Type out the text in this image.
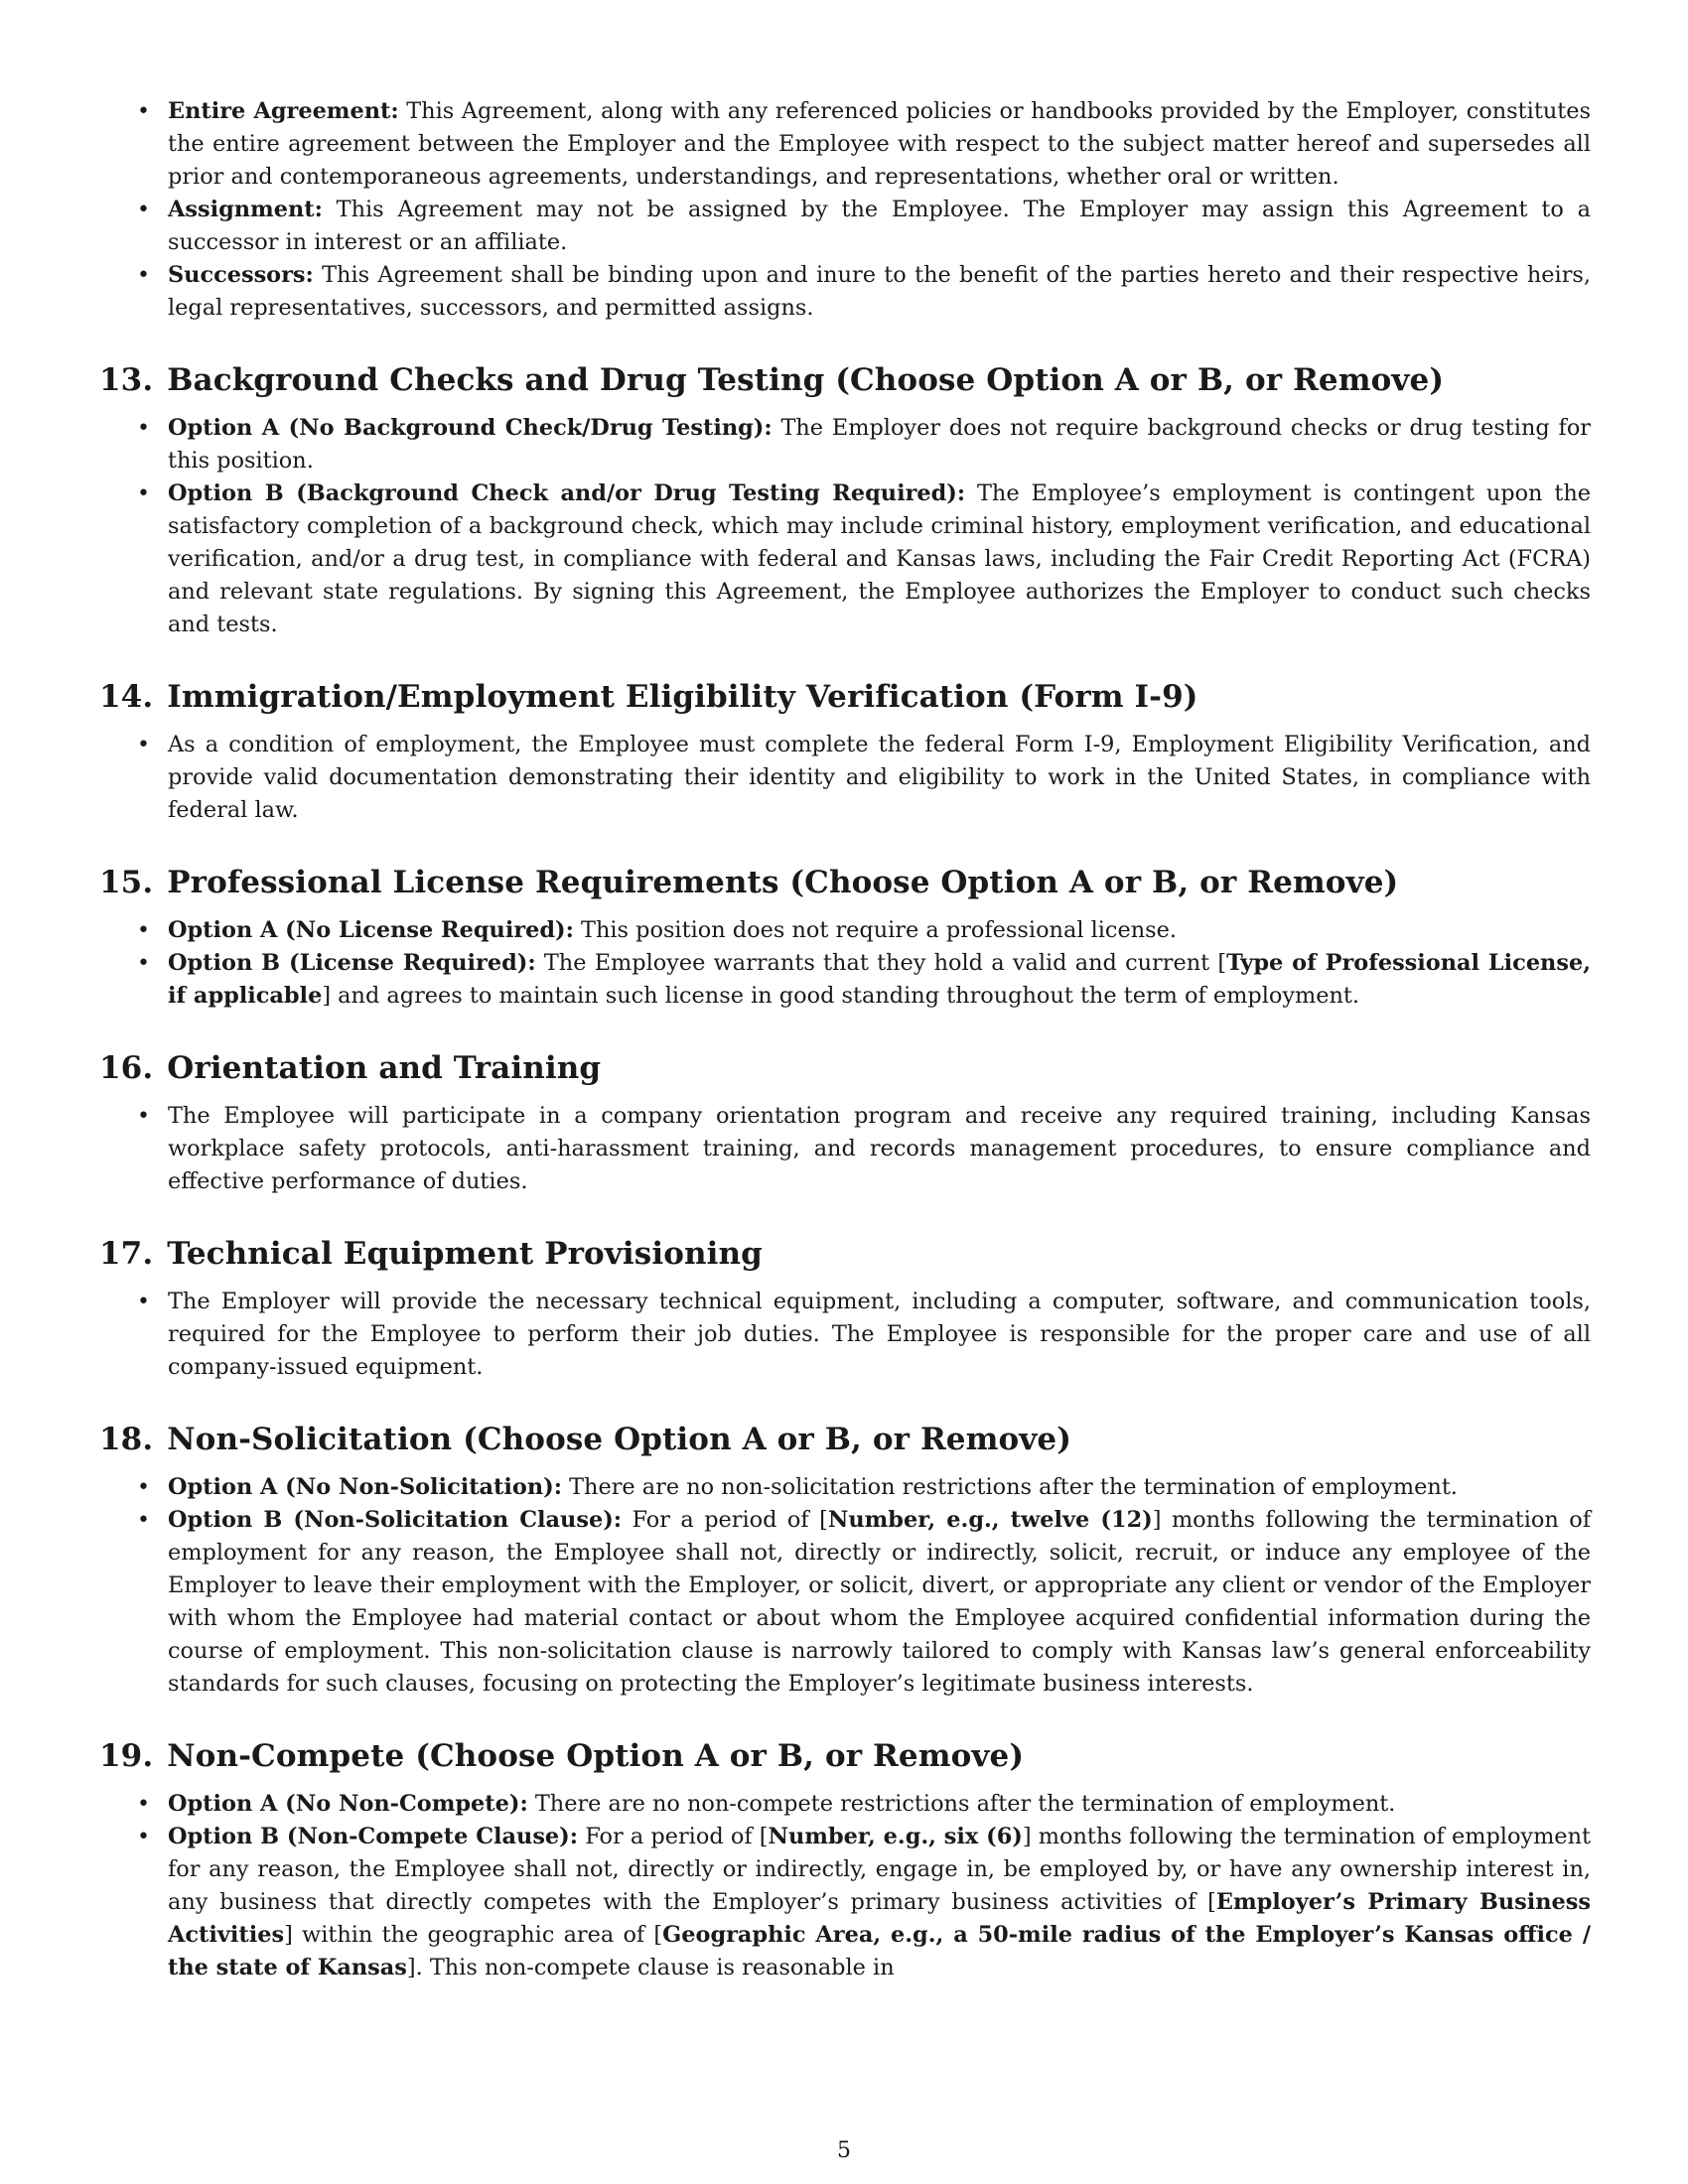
• Entire Agreement: This Agreement, along with any referenced policies or handbooks provided by the Employer, constitutes the entire agreement between the Employer and the Employee with respect to the subject matter hereof and supersedes all prior and contemporaneous agreements, understandings, and representations, whether oral or written.
• Assignment: This Agreement may not be assigned by the Employee. The Employer may assign this Agreement to a successor in interest or an affiliate.
• Successors: This Agreement shall be binding upon and inure to the benefit of the parties hereto and their respective heirs, legal representatives, successors, and permitted assigns.
13. Background Checks and Drug Testing (Choose Option A or B, or Remove)
• Option A (No Background Check/Drug Testing): The Employer does not require background checks or drug testing for this position.
• Option B (Background Check and/or Drug Testing Required): The Employee’s employment is contingent upon the satisfactory completion of a background check, which may include criminal history, employment verification, and educational verification, and/or a drug test, in compliance with federal and Kansas laws, including the Fair Credit Reporting Act (FCRA) and relevant state regulations. By signing this Agreement, the Employee authorizes the Employer to conduct such checks and tests.
14. Immigration/Employment Eligibility Verification (Form I-9)
• As a condition of employment, the Employee must complete the federal Form I-9, Employment Eligibility Verification, and provide valid documentation demonstrating their identity and eligibility to work in the United States, in compliance with federal law.
15. Professional License Requirements (Choose Option A or B, or Remove)
• Option A (No License Required): This position does not require a professional license.
• Option B (License Required): The Employee warrants that they hold a valid and current [Type of Professional License, if applicable] and agrees to maintain such license in good standing throughout the term of employment.
16. Orientation and Training
• The Employee will participate in a company orientation program and receive any required training, including Kansas workplace safety protocols, anti-harassment training, and records management procedures, to ensure compliance and effective performance of duties.
17. Technical Equipment Provisioning
• The Employer will provide the necessary technical equipment, including a computer, software, and communication tools, required for the Employee to perform their job duties. The Employee is responsible for the proper care and use of all company-issued equipment.
18. Non-Solicitation (Choose Option A or B, or Remove)
• Option A (No Non-Solicitation): There are no non-solicitation restrictions after the termination of employment.
• Option B (Non-Solicitation Clause): For a period of [Number, e.g., twelve (12)] months following the termination of employment for any reason, the Employee shall not, directly or indirectly, solicit, recruit, or induce any employee of the Employer to leave their employment with the Employer, or solicit, divert, or appropriate any client or vendor of the Employer with whom the Employee had material contact or about whom the Employee acquired confidential information during the course of employment. This non-solicitation clause is narrowly tailored to comply with Kansas law’s general enforceability standards for such clauses, focusing on protecting the Employer’s legitimate business interests.
19. Non-Compete (Choose Option A or B, or Remove)
• Option A (No Non-Compete): There are no non-compete restrictions after the termination of employment.
• Option B (Non-Compete Clause): For a period of [Number, e.g., six (6)] months following the termination of employment for any reason, the Employee shall not, directly or indirectly, engage in, be employed by, or have any ownership interest in, any business that directly competes with the Employer’s primary business activities of [Employer’s Primary Business Activities] within the geographic area of [Geographic Area, e.g., a 50-mile radius of the Employer’s Kansas office / the state of Kansas]. This non-compete clause is reasonable in
5
